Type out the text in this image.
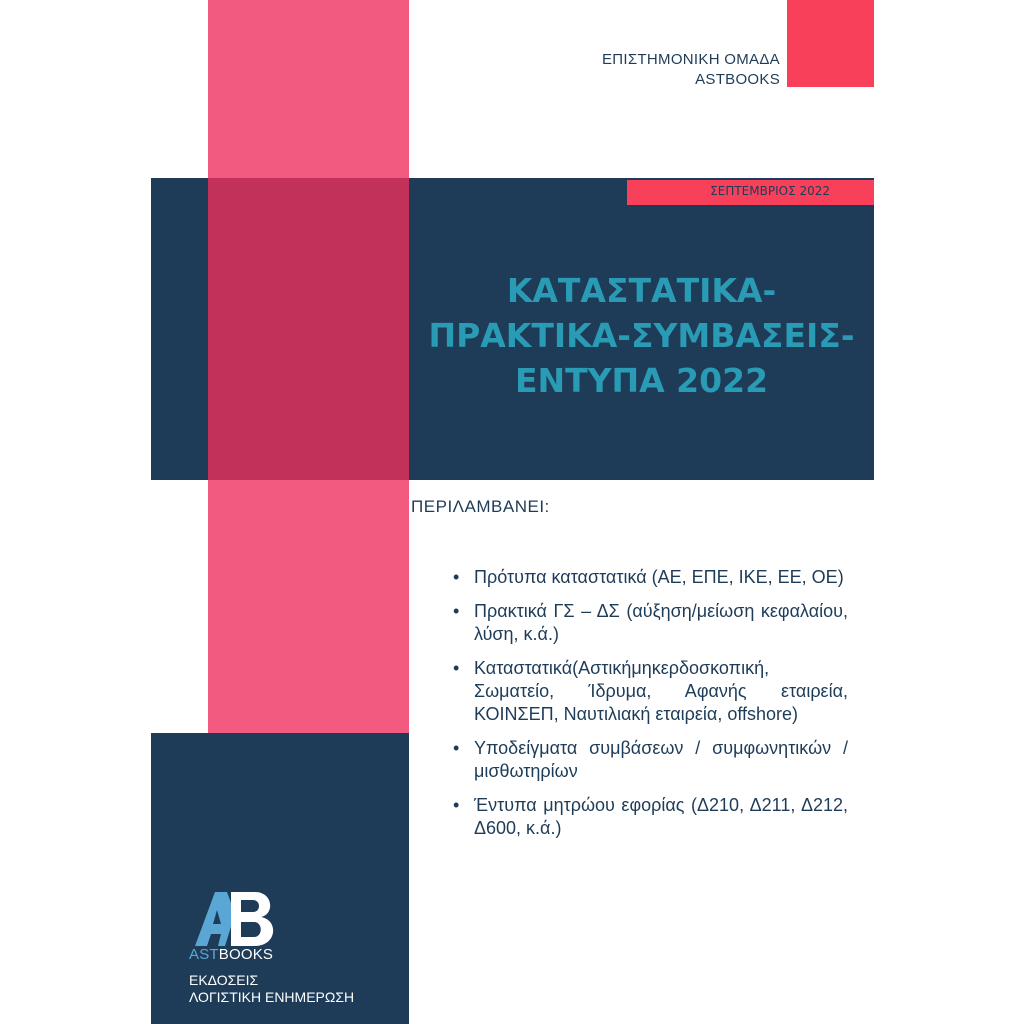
ΕΠΙΣΤΗΜΟΝΙΚΗ ΟΜΑΔΑ
ASTBOOKS
ΣΕΠΤΕΜΒΡΙΟΣ 2022
ΚΑΤΑΣΤΑΤΙΚΑ-
ΠΡΑΚΤΙΚΑ-ΣΥΜΒΑΣΕΙΣ-
ΕΝΤΥΠΑ 2022
ΠΕΡΙΛΑΜΒΑΝΕΙ:
• Πρότυπα καταστατικά (ΑΕ, ΕΠΕ, ΙΚΕ, ΕΕ, ΟΕ)
• Πρακτικά ΓΣ – ΔΣ (αύξηση/μείωση κεφαλαίου, λύση, κ.ά.)
• Καταστατικά(Αστικήμηκερδοσκοπική, Σωματείο, Ίδρυμα, Αφανής εταιρεία, ΚΟΙΝΣΕΠ, Ναυτιλιακή εταιρεία, offshore)
• Υποδείγματα συμβάσεων / συμφωνητικών / μισθωτηρίων
• Έντυπα μητρώου εφορίας (Δ210, Δ211, Δ212, Δ600, κ.ά.)
ASTBOOKS
ΕΚΔΟΣΕΙΣ
ΛΟΓΙΣΤΙΚΗ ΕΝΗΜΕΡΩΣΗ
